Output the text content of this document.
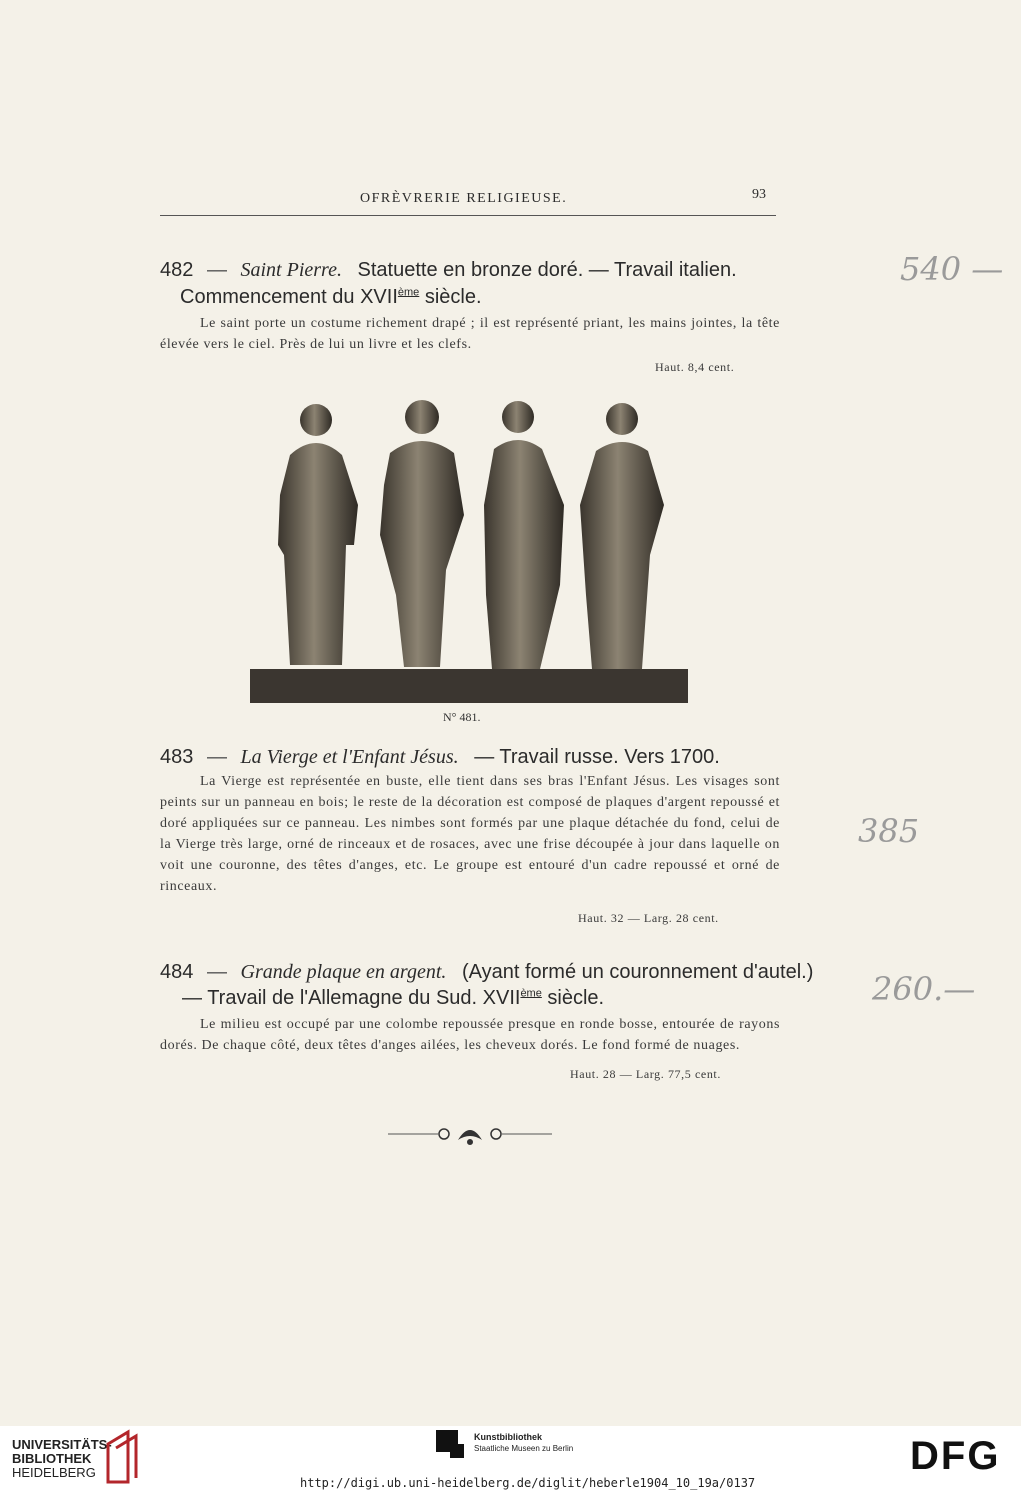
OFRÈVRERIE RELIGIEUSE.	93
482 — Saint Pierre. Statuette en bronze doré. — Travail italien.
Commencement du XVIIème siècle.
Le saint porte un costume richement drapé ; il est représenté priant, les mains jointes, la tête élevée vers le ciel. Près de lui un livre et les clefs.
Haut. 8,4 cent.
N° 481.
483 — La Vierge et l'Enfant Jésus. — Travail russe. Vers 1700.
La Vierge est représentée en buste, elle tient dans ses bras l'Enfant Jésus. Les visages sont peints sur un panneau en bois; le reste de la décoration est composé de plaques d'argent repoussé et doré appliquées sur ce panneau. Les nimbes sont formés par une plaque détachée du fond, celui de la Vierge très large, orné de rinceaux et de rosaces, avec une frise découpée à jour dans laquelle on voit une couronne, des têtes d'anges, etc. Le groupe est entouré d'un cadre repoussé et orné de rinceaux.
Haut. 32 — Larg. 28 cent.
484 — Grande plaque en argent. (Ayant formé un couronnement d'autel.)
— Travail de l'Allemagne du Sud. XVIIème siècle.
Le milieu est occupé par une colombe repoussée presque en ronde bosse, entourée de rayons dorés. De chaque côté, deux têtes d'anges ailées, les cheveux dorés. Le fond formé de nuages.
Haut. 28 — Larg. 77,5 cent.
540 —
385
260.—
UNIVERSITÄTS-
BIBLIOTHEK
HEIDELBERG
Kunstbibliothek
Staatliche Museen zu Berlin	DFG
http://digi.ub.uni-heidelberg.de/diglit/heberle1904_10_19a/0137
